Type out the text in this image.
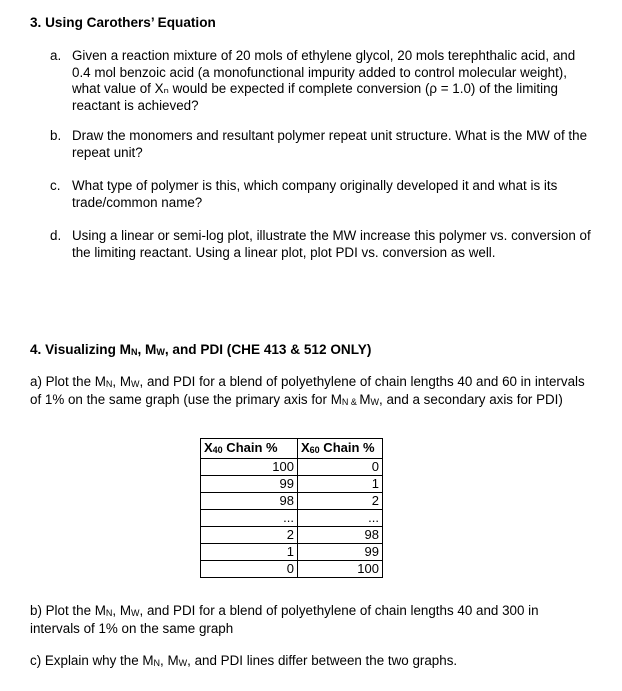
3. Using Carothers’ Equation
a. Given a reaction mixture of 20 mols of ethylene glycol, 20 mols terephthalic acid, and 0.4 mol benzoic acid (a monofunctional impurity added to control molecular weight), what value of Xₙ would be expected if complete conversion (ρ = 1.0) of the limiting reactant is achieved?
b. Draw the monomers and resultant polymer repeat unit structure. What is the MW of the repeat unit?
c. What type of polymer is this, which company originally developed it and what is its trade/common name?
d. Using a linear or semi-log plot, illustrate the MW increase this polymer vs. conversion of the limiting reactant. Using a linear plot, plot PDI vs. conversion as well.
4. Visualizing $M_N$, $M_W$, and PDI (CHE 413 & 512 ONLY)
a) Plot the $M_N$, $M_W$, and PDI for a blend of polyethylene of chain lengths 40 and 60 in intervals of 1% on the same graph (use the primary axis for $M_{N \&}$ $M_W$, and a secondary axis for PDI)
$X_{40}$ Chain %	$X_{60}$ Chain %
100	0
99	1
98	2
...	...
2	98
1	99
0	100
b) Plot the $M_N$, $M_W$, and PDI for a blend of polyethylene of chain lengths 40 and 300 in intervals of 1% on the same graph
c) Explain why the $M_N$, $M_W$, and PDI lines differ between the two graphs.
